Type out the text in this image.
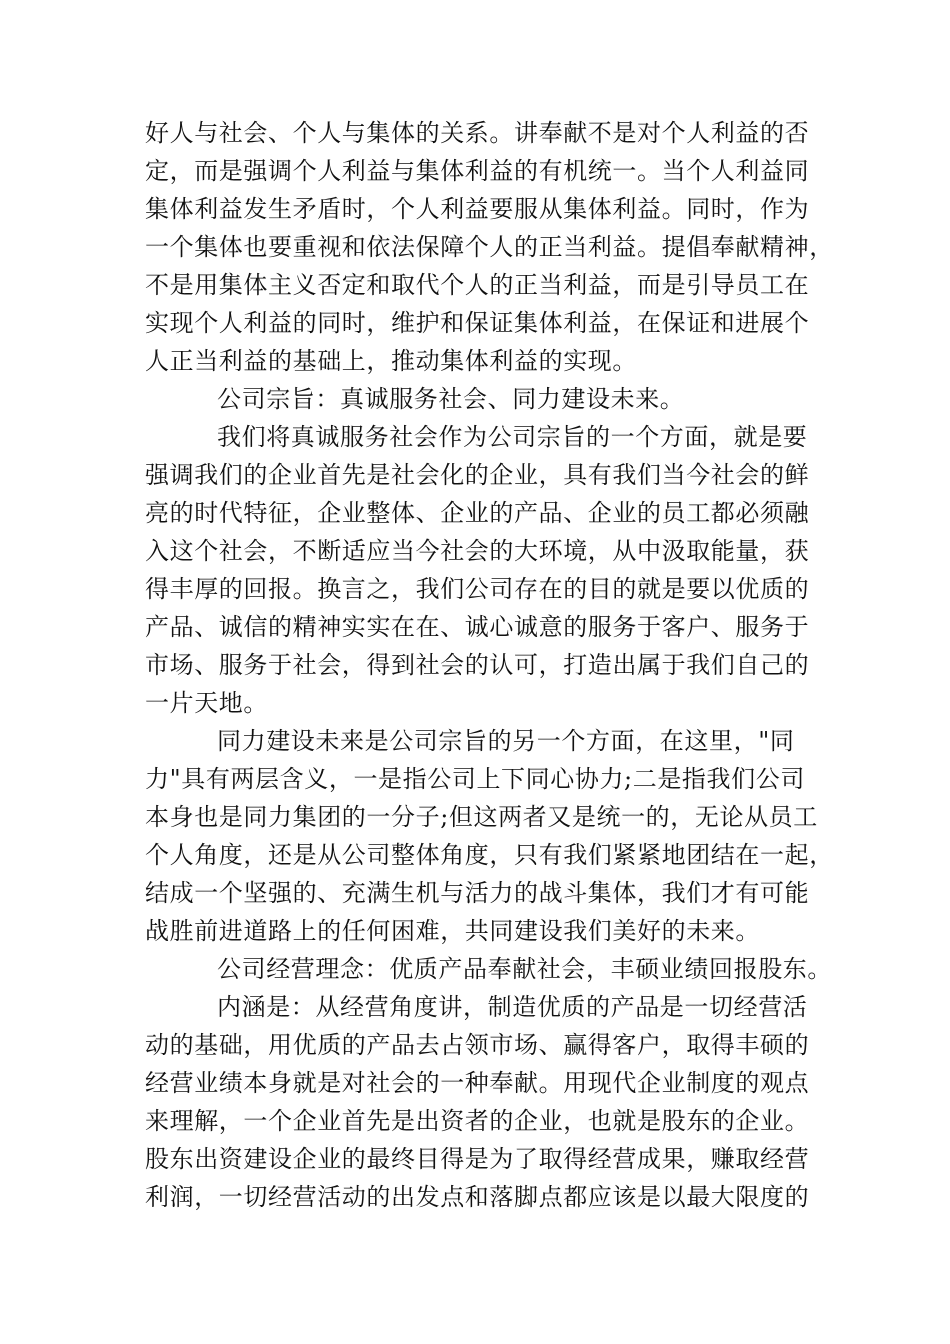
好人与社会、个人与集体的关系。讲奉献不是对个人利益的否
定，而是强调个人利益与集体利益的有机统一。当个人利益同
集体利益发生矛盾时，个人利益要服从集体利益。同时，作为
一个集体也要重视和依法保障个人的正当利益。提倡奉献精神，
不是用集体主义否定和取代个人的正当利益，而是引导员工在
实现个人利益的同时，维护和保证集体利益，在保证和进展个
人正当利益的基础上，推动集体利益的实现。
公司宗旨：真诚服务社会、同力建设未来。
我们将真诚服务社会作为公司宗旨的一个方面，就是要
强调我们的企业首先是社会化的企业，具有我们当今社会的鲜
亮的时代特征，企业整体、企业的产品、企业的员工都必须融
入这个社会，不断适应当今社会的大环境，从中汲取能量，获
得丰厚的回报。换言之，我们公司存在的目的就是要以优质的
产品、诚信的精神实实在在、诚心诚意的服务于客户、服务于
市场、服务于社会，得到社会的认可，打造出属于我们自己的
一片天地。
同力建设未来是公司宗旨的另一个方面，在这里，"同
力"具有两层含义，一是指公司上下同心协力;二是指我们公司
本身也是同力集团的一分子;但这两者又是统一的，无论从员工
个人角度，还是从公司整体角度，只有我们紧紧地团结在一起，
结成一个坚强的、充满生机与活力的战斗集体，我们才有可能
战胜前进道路上的任何困难，共同建设我们美好的未来。
公司经营理念：优质产品奉献社会，丰硕业绩回报股东。
内涵是：从经营角度讲，制造优质的产品是一切经营活
动的基础，用优质的产品去占领市场、赢得客户，取得丰硕的
经营业绩本身就是对社会的一种奉献。用现代企业制度的观点
来理解，一个企业首先是出资者的企业，也就是股东的企业。
股东出资建设企业的最终目得是为了取得经营成果，赚取经营
利润，一切经营活动的出发点和落脚点都应该是以最大限度的
